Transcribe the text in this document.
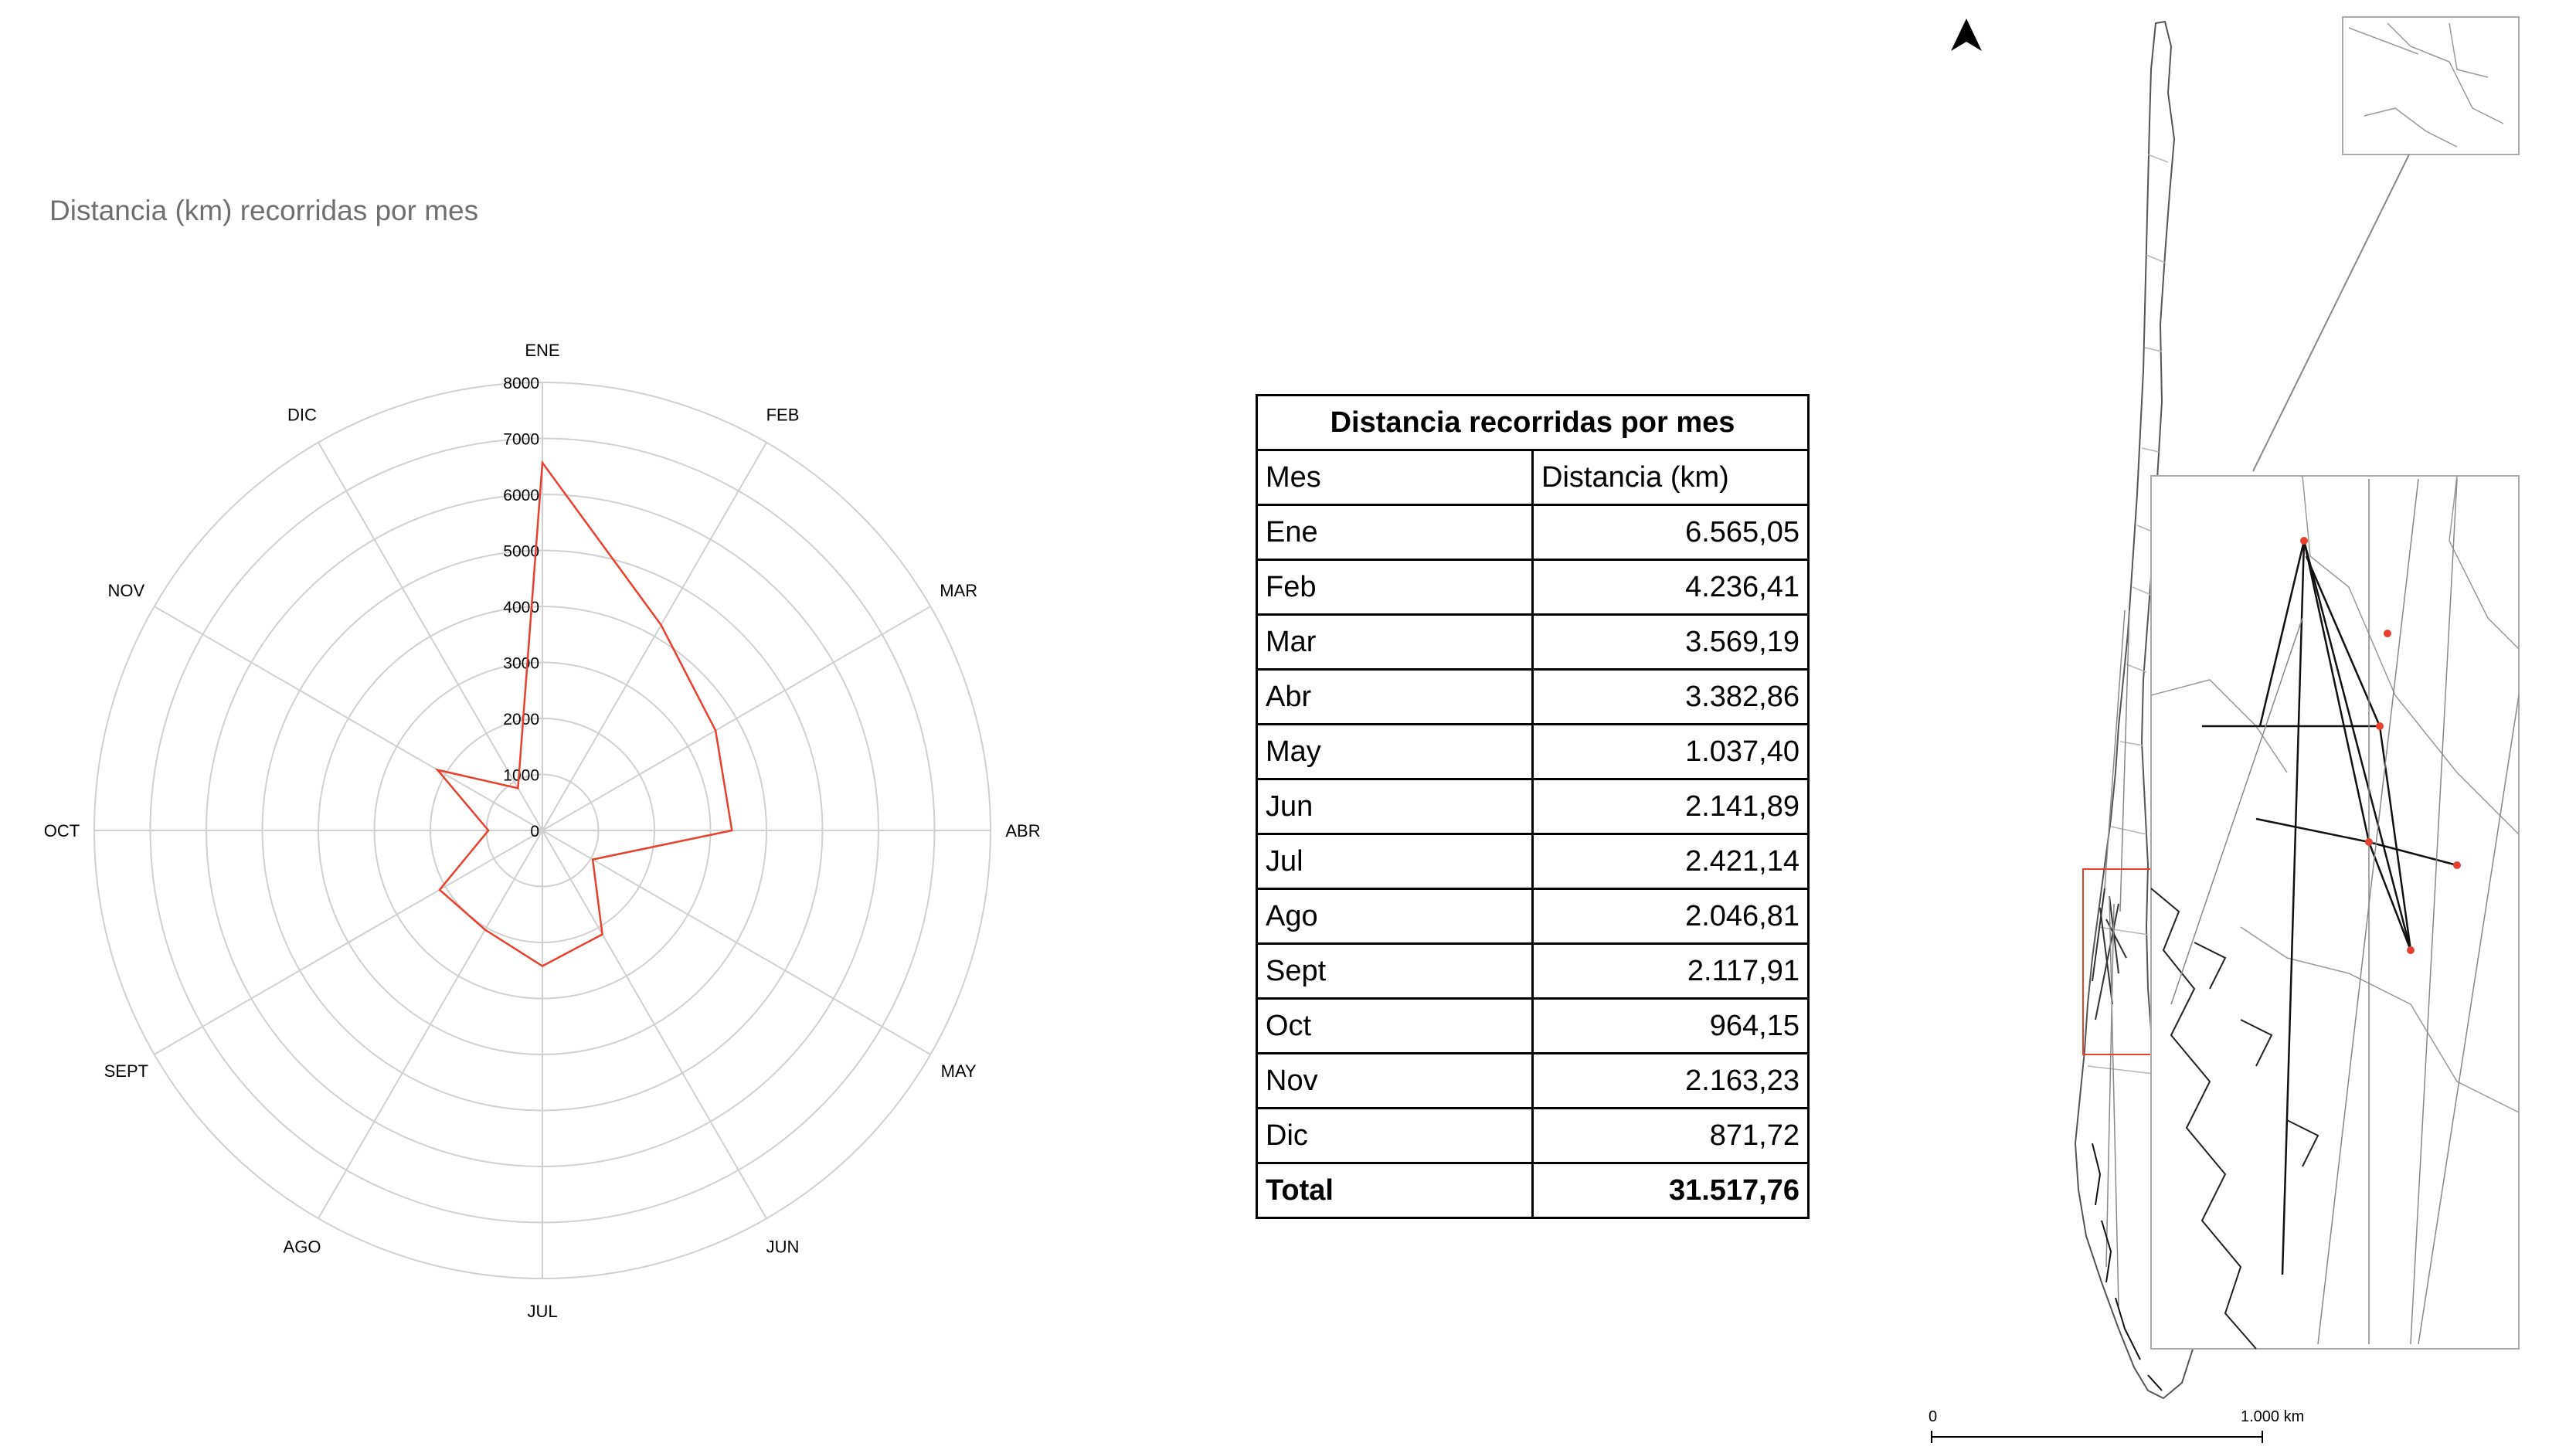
Distancia (km) recorridas por mes
ENE
FEB
MAR
ABR
MAY
JUN
JUL
AGO
SEPT
OCT
NOV
DIC
0
1000
2000
3000
4000
5000
6000
7000
8000
Distancia recorridas por mes	
Mes	Distancia (km)
Ene	6.565,05
Feb	4.236,41
Mar	3.569,19
Abr	3.382,86
May	1.037,40
Jun	2.141,89
Jul	2.421,14
Ago	2.046,81
Sept	2.117,91
Oct	964,15
Nov	2.163,23
Dic	871,72
Total	31.517,76
0	1.000 km
